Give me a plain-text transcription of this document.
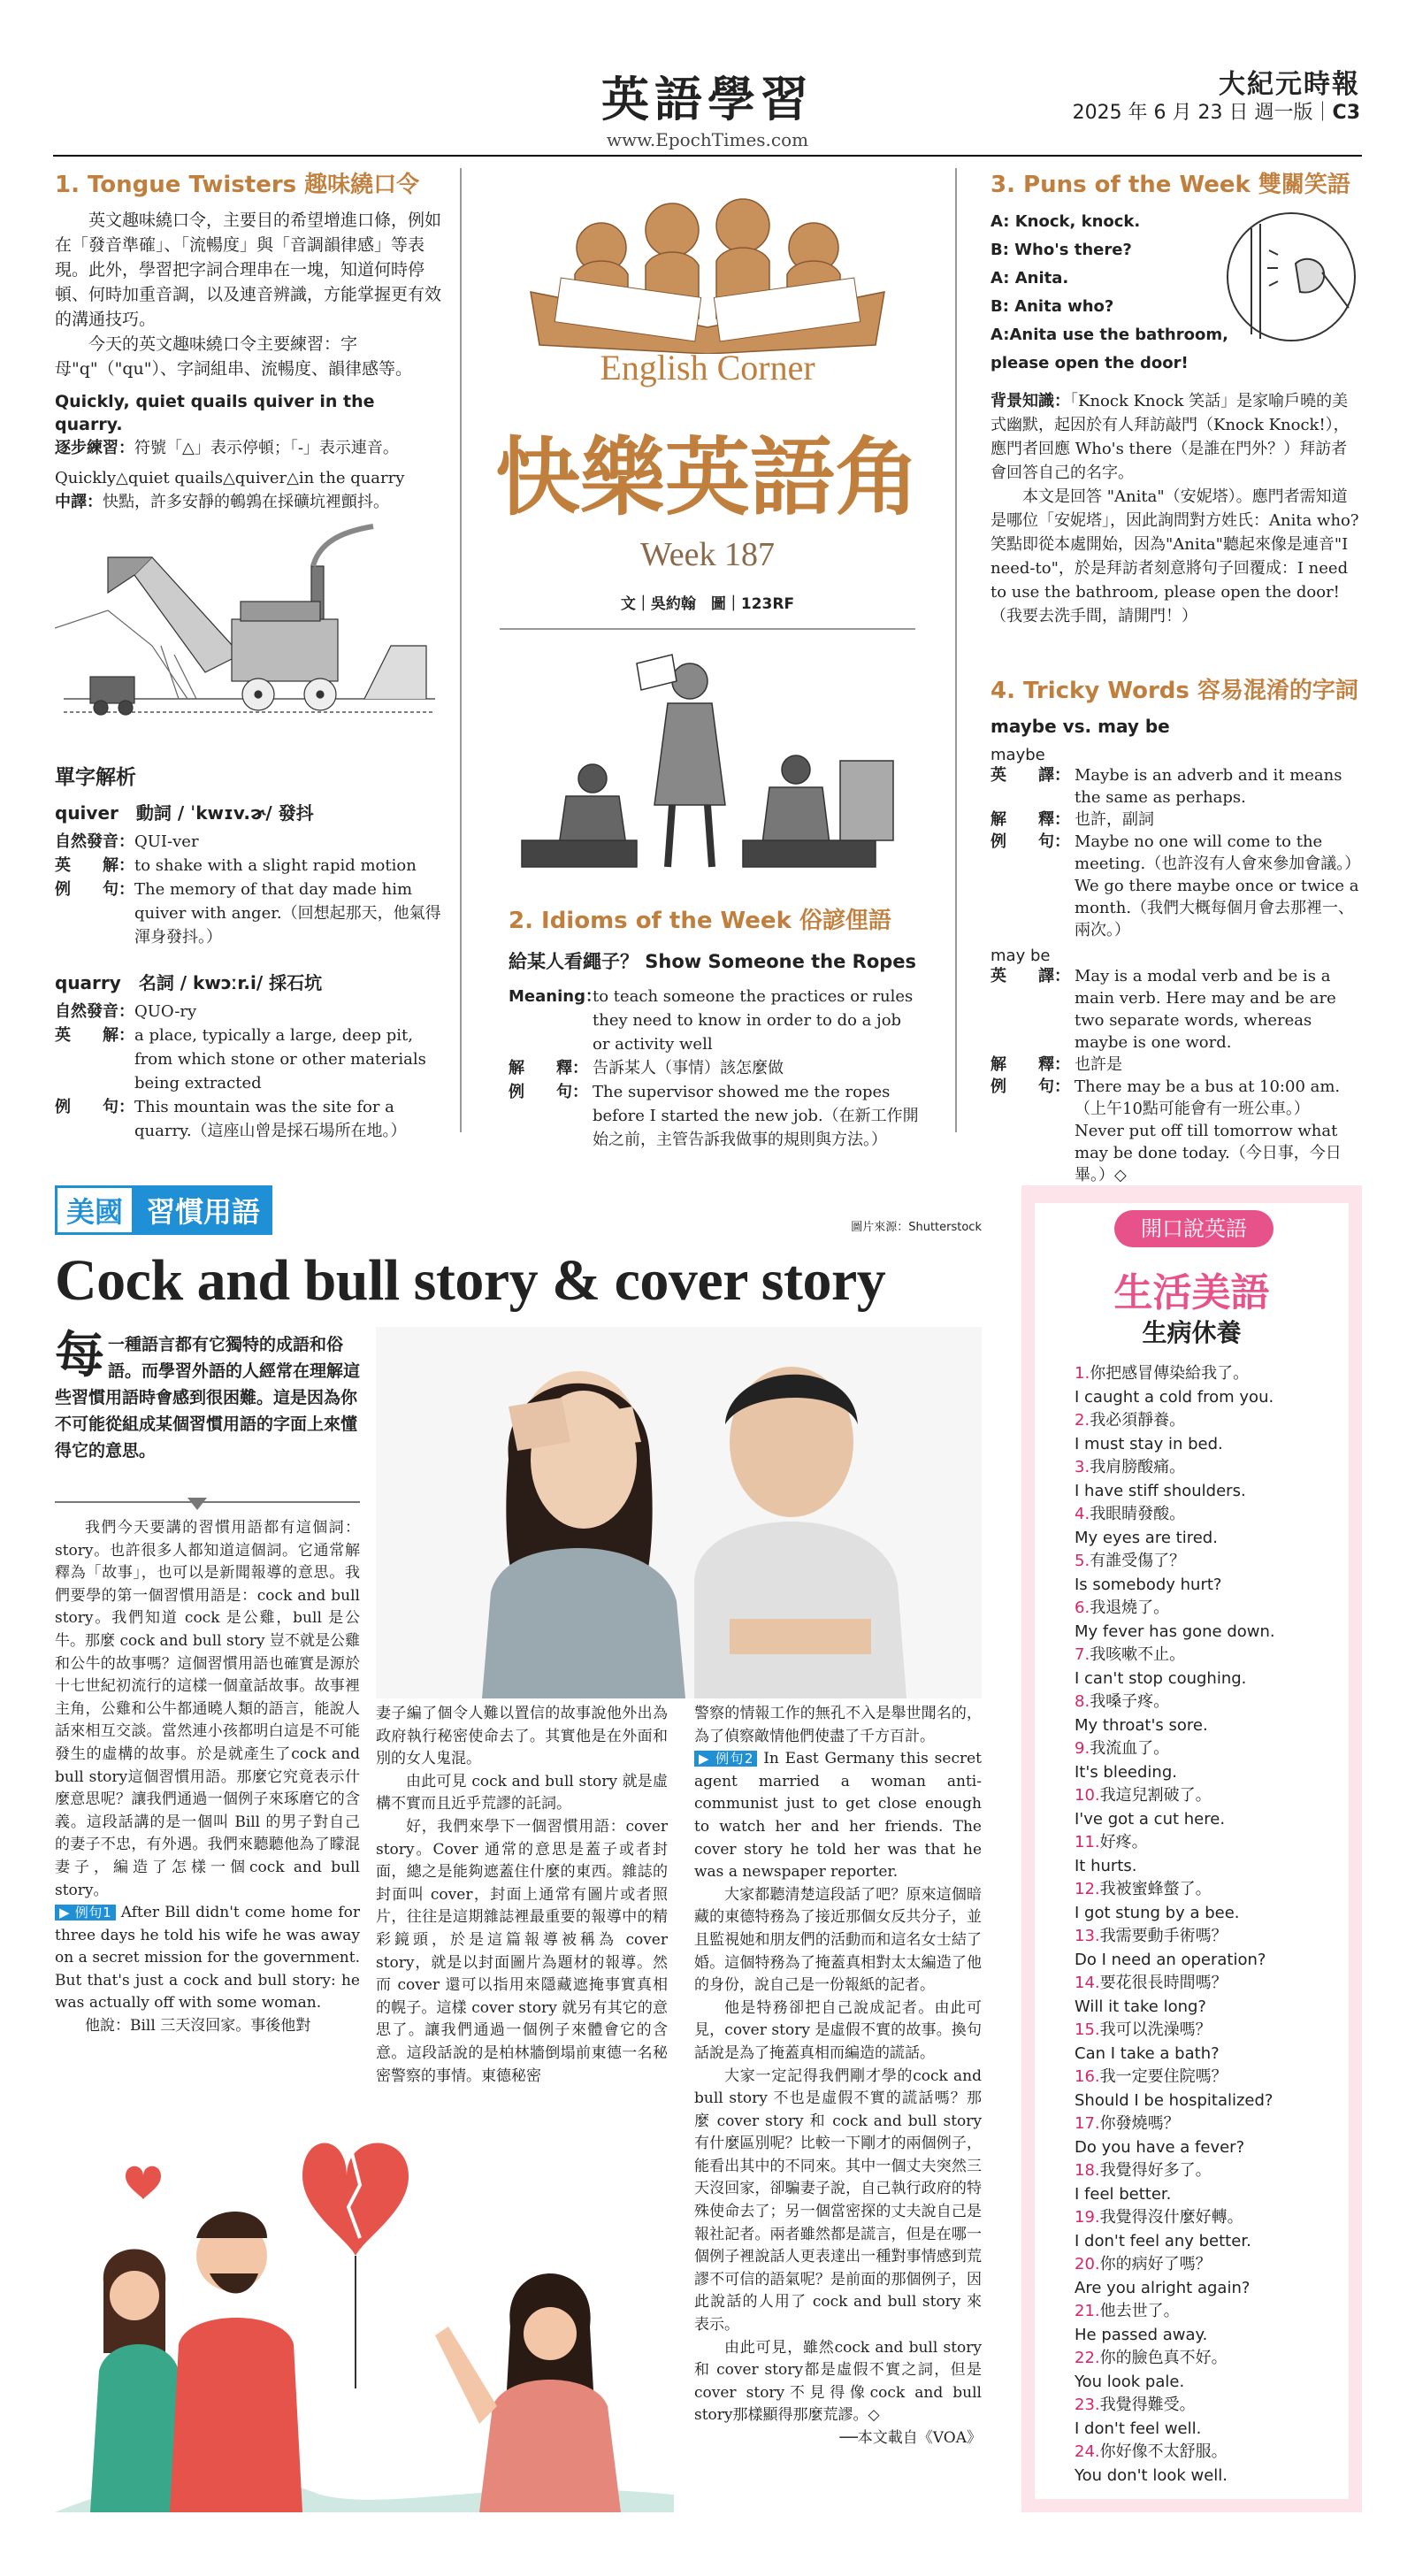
英語學習
www.EpochTimes.com
大紀元時報
2025 年 6 月 23 日 週一版｜C3
1. Tongue Twisters 趣味繞口令

英文趣味繞口令，主要目的希望增進口條，例如在「發音準確」、「流暢度」與「音調韻律感」等表現。此外，學習把字詞合理串在一塊，知道何時停頓、何時加重音調，以及連音辨識，方能掌握更有效的溝通技巧。

今天的英文趣味繞口令主要練習：字母"q"（"qu"）、字詞組串、流暢度、韻律感等。

Quickly, quiet quails quiver in the quarry.
逐步練習：符號「△」表示停頓；「-」表示連音。
Quickly△quiet quails△quiver△in the quarry
中譯：快點，許多安靜的鵪鶉在採礦坑裡顫抖。
單字解析
quiver　動詞 / ˈkwɪv.ɚ/ 發抖
自然發音： QUI-ver
英　　解： to shake with a slight rapid motion
例　　句： The memory of that day made him quiver with anger.（回想起那天，他氣得渾身發抖。）
quarry　名詞 / kwɔːr.i/ 採石坑
自然發音： QUO-ry
英　　解： a place, typically a large, deep pit, from which stone or other materials being extracted
例　　句： This mountain was the site for a quarry.（這座山曾是採石場所在地。）
English Corner
快樂英語角
Week 187
文｜吳約翰　圖｜123RF
2. Idioms of the Week 俗諺俚語
給某人看繩子？ Show Someone the Ropes
Meaning：
to teach someone the practices or rules they need to know in order to do a job or activity well
解　　釋： 告訴某人（事情）該怎麼做
例　　句： The supervisor showed me the ropes before I started the new job.（在新工作開始之前，主管告訴我做事的規則與方法。）
3. Puns of the Week 雙關笑語
A: Knock, knock.
B: Who's there?
A: Anita.
B: Anita who?
A:Anita use the bathroom, please open the door!
背景知識：「Knock Knock 笑話」是家喻戶曉的美式幽默，起因於有人拜訪敲門（Knock Knock!），應門者回應 Who's there（是誰在門外？）拜訪者會回答自己的名字。

本文是回答 "Anita"（安妮塔）。應門者需知道是哪位「安妮塔」，因此詢問對方姓氏：Anita who? 笑點即從本處開始，因為"Anita"聽起來像是連音"I need-to"，於是拜訪者刻意將句子回覆成：I need to use the bathroom, please open the door!（我要去洗手間，請開門！）

4. Tricky Words 容易混淆的字詞
maybe vs. may be
maybe
英　　譯： Maybe is an adverb and it means the same as perhaps.
解　　釋： 也許，副詞
例　　句： Maybe no one will come to the meeting.（也許沒有人會來參加會議。）
We go there maybe once or twice a month.（我們大概每個月會去那裡一、兩次。）
may be
英　　譯： May is a modal verb and be is a main verb. Here may and be are two separate words, whereas maybe is one word.
解　　釋： 也許是
例　　句： There may be a bus at 10:00 am.（上午10點可能會有一班公車。）
Never put off till tomorrow what may be done today.（今日事，今日畢。）◇
美國 習慣用語	圖片來源：Shutterstock
Cock and bull story & cover story
每一種語言都有它獨特的成語和俗語。而學習外語的人經常在理解這些習慣用語時會感到很困難。這是因為你不可能從組成某個習慣用語的字面上來懂得它的意思。

我們今天要講的習慣用語都有這個詞：story。也許很多人都知道這個詞。它通常解釋為「故事」，也可以是新聞報導的意思。我們要學的第一個習慣用語是：cock and bull story。我們知道 cock 是公雞，bull 是公牛。那麼 cock and bull story 豈不就是公雞和公牛的故事嗎？這個習慣用語也確實是源於十七世紀初流行的這樣一個童話故事。故事裡主角，公雞和公牛都通曉人類的語言，能說人話來相互交談。當然連小孩都明白這是不可能發生的虛構的故事。於是就產生了cock and bull story這個習慣用語。那麼它究竟表示什麼意思呢？讓我們通過一個例子來琢磨它的含義。這段話講的是一個叫 Bill 的男子對自己的妻子不忠，有外遇。我們來聽聽他為了矇混妻子，編造了怎樣一個cock and bull story。

▶ 例句1 After Bill didn't come home for three days he told his wife he was away on a secret mission for the government. But that's just a cock and bull story: he was actually off with some woman.

他說：Bill 三天沒回家。事後他對

妻子編了個令人難以置信的故事說他外出為政府執行秘密使命去了。其實他是在外面和別的女人鬼混。

由此可見 cock and bull story 就是虛構不實而且近乎荒謬的託詞。

好，我們來學下一個習慣用語：cover story。Cover 通常的意思是蓋子或者封面，總之是能夠遮蓋住什麼的東西。雜誌的封面叫 cover，封面上通常有圖片或者照片，往往是這期雜誌裡最重要的報導中的精彩鏡頭，於是這篇報導被稱為 cover story，就是以封面圖片為題材的報導。然而 cover 還可以指用來隱藏遮掩事實真相的幌子。這樣 cover story 就另有其它的意思了。讓我們通過一個例子來體會它的含意。這段話說的是柏林牆倒塌前東德一名秘密警察的事情。東德秘密

警察的情報工作的無孔不入是舉世聞名的，為了偵察敵情他們使盡了千方百計。
▶ 例句2 In East Germany this secret agent married a woman anti-communist just to get close enough to watch her and her friends. The cover story he told her was that he was a newspaper reporter.

大家都聽清楚這段話了吧？原來這個暗藏的東德特務為了接近那個女反共分子，並且監視她和朋友們的活動而和這名女士結了婚。這個特務為了掩蓋真相對太太編造了他的身份，說自己是一份報紙的記者。

他是特務卻把自己說成記者。由此可見，cover story 是虛假不實的故事。換句話說是為了掩蓋真相而編造的謊話。

大家一定記得我們剛才學的cock and bull story 不也是虛假不實的謊話嗎？那麼 cover story 和 cock and bull story 有什麼區別呢？比較一下剛才的兩個例子，能看出其中的不同來。其中一個丈夫突然三天沒回家，卻騙妻子說，自己執行政府的特殊使命去了；另一個當密探的丈夫說自己是報社記者。兩者雖然都是謊言，但是在哪一個例子裡說話人更表達出一種對事情感到荒謬不可信的語氣呢？是前面的那個例子，因此說話的人用了 cock and bull story 來表示。

由此可見，雖然cock and bull story和 cover story都是虛假不實之詞，但是cover story不見得像cock and bull story那樣顯得那麼荒謬。◇

──本文載自《VOA》
開口說英語
生活美語
生病休養
1.你把感冒傳染給我了。
I caught a cold from you.
2.我必須靜養。
I must stay in bed.
3.我肩膀酸痛。
I have stiff shoulders.
4.我眼睛發酸。
My eyes are tired.
5.有誰受傷了？
Is somebody hurt?
6.我退燒了。
My fever has gone down.
7.我咳嗽不止。
I can't stop coughing.
8.我嗓子疼。
My throat's sore.
9.我流血了。
It's bleeding.
10.我這兒割破了。
I've got a cut here.
11.好疼。
It hurts.
12.我被蜜蜂螫了。
I got stung by a bee.
13.我需要動手術嗎？
Do I need an operation?
14.要花很長時間嗎？
Will it take long?
15.我可以洗澡嗎？
Can I take a bath?
16.我一定要住院嗎？
Should I be hospitalized?
17.你發燒嗎？
Do you have a fever?
18.我覺得好多了。
I feel better.
19.我覺得沒什麼好轉。
I don't feel any better.
20.你的病好了嗎？
Are you alright again?
21.他去世了。
He passed away.
22.你的臉色真不好。
You look pale.
23.我覺得難受。
I don't feel well.
24.你好像不太舒服。
You don't look well.
